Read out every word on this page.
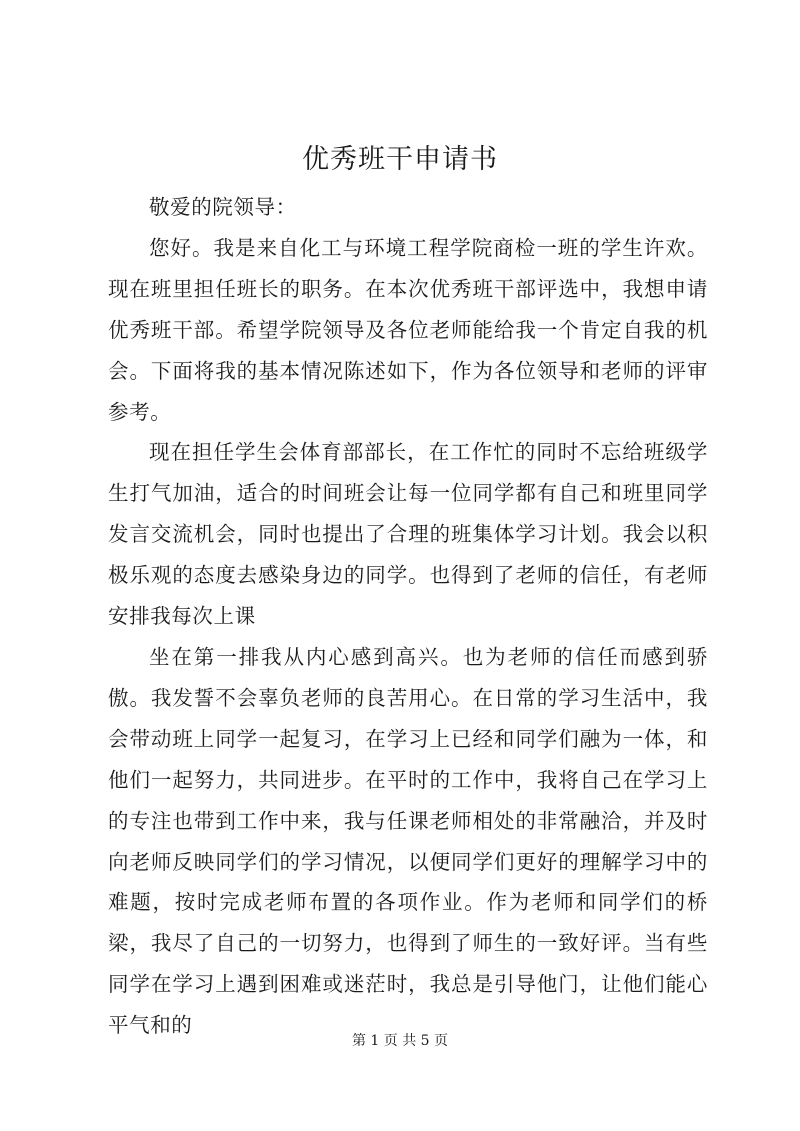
优秀班干申请书

敬爱的院领导：

您好。我是来自化工与环境工程学院商检一班的学生许欢。现在班里担任班长的职务。在本次优秀班干部评选中，我想申请优秀班干部。希望学院领导及各位老师能给我一个肯定自我的机会。下面将我的基本情况陈述如下，作为各位领导和老师的评审参考。

现在担任学生会体育部部长，在工作忙的同时不忘给班级学生打气加油，适合的时间班会让每一位同学都有自己和班里同学发言交流机会，同时也提出了合理的班集体学习计划。我会以积极乐观的态度去感染身边的同学。也得到了老师的信任，有老师安排我每次上课

坐在第一排我从内心感到高兴。也为老师的信任而感到骄傲。我发誓不会辜负老师的良苦用心。在日常的学习生活中，我会带动班上同学一起复习，在学习上已经和同学们融为一体，和他们一起努力，共同进步。在平时的工作中，我将自己在学习上的专注也带到工作中来，我与任课老师相处的非常融洽，并及时向老师反映同学们的学习情况，以便同学们更好的理解学习中的难题，按时完成老师布置的各项作业。作为老师和同学们的桥梁，我尽了自己的一切努力，也得到了师生的一致好评。当有些同学在学习上遇到困难或迷茫时，我总是引导他门，让他们能心平气和的

第 1 页 共 5 页
